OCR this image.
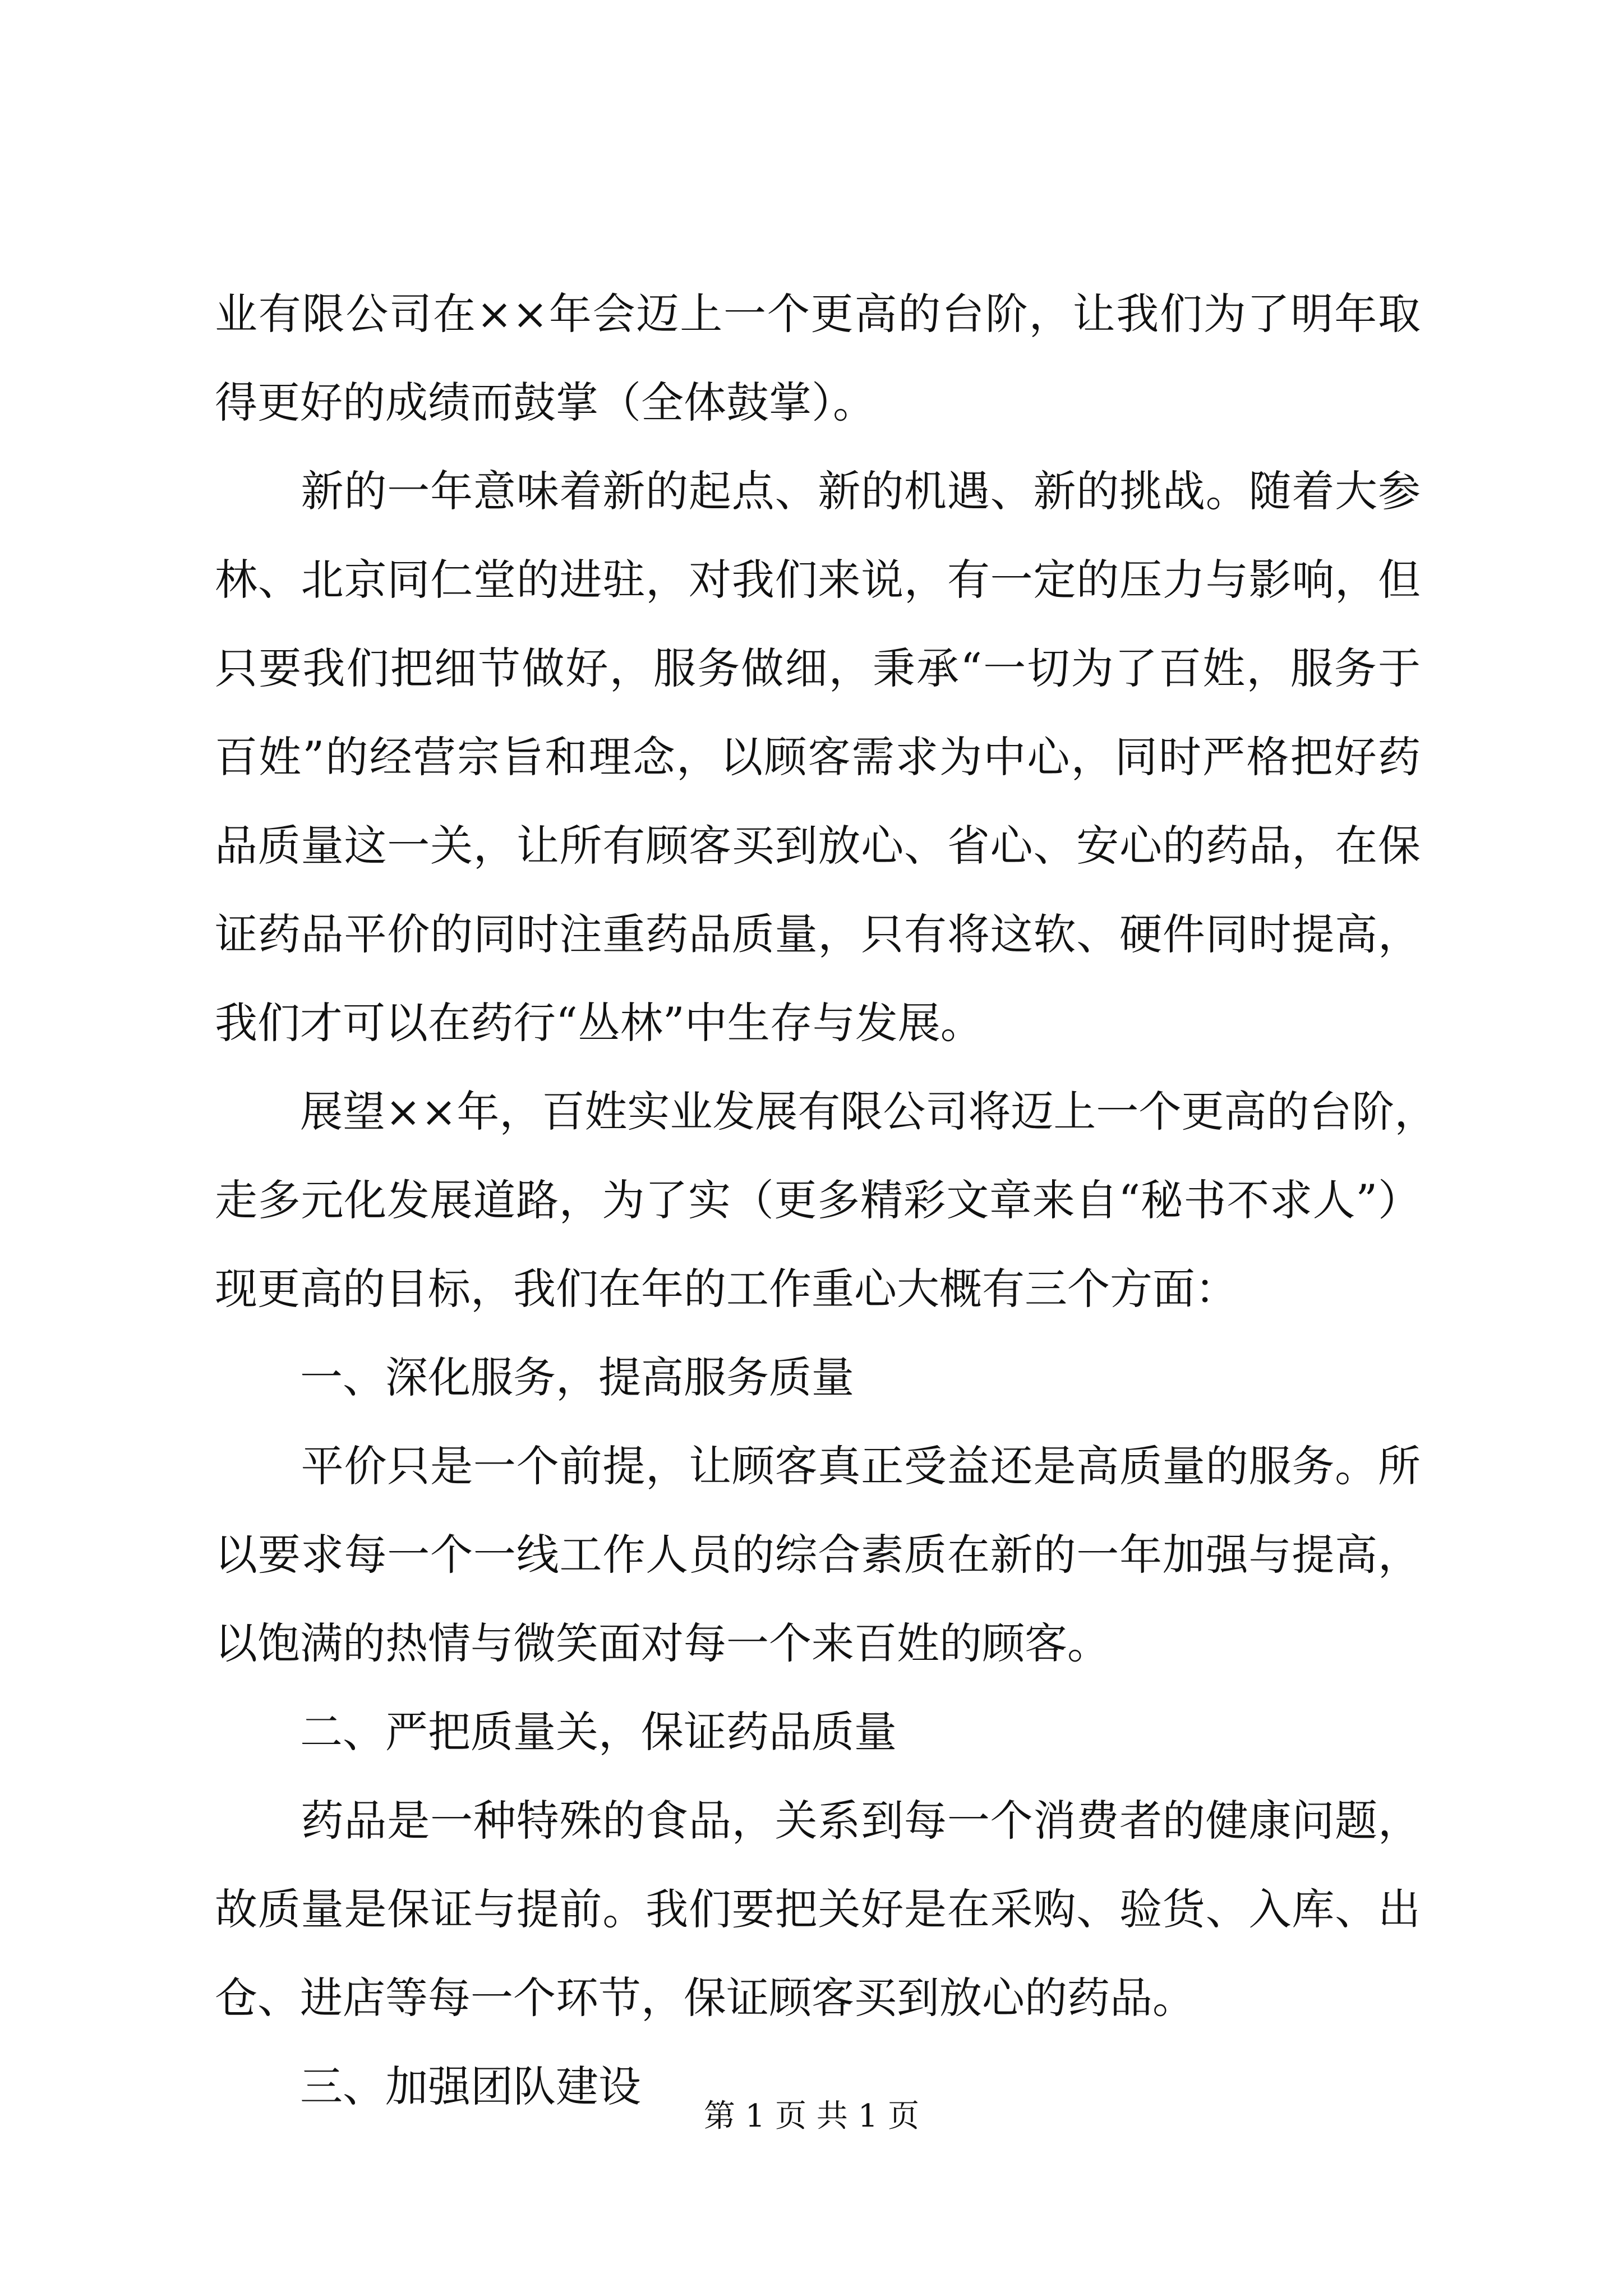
业有限公司在××年会迈上一个更高的台阶，让我们为了明年取
得更好的成绩而鼓掌（全体鼓掌）。
　　新的一年意味着新的起点、新的机遇、新的挑战。随着大参
林、北京同仁堂的进驻，对我们来说，有一定的压力与影响，但
只要我们把细节做好，服务做细，秉承“一切为了百姓，服务于
百姓”的经营宗旨和理念，以顾客需求为中心，同时严格把好药
品质量这一关，让所有顾客买到放心、省心、安心的药品，在保
证药品平价的同时注重药品质量，只有将这软、硬件同时提高，
我们才可以在药行“丛林”中生存与发展。
　　展望××年，百姓实业发展有限公司将迈上一个更高的台阶，
走多元化发展道路，为了实（更多精彩文章来自“秘书不求人”）
现更高的目标，我们在年的工作重心大概有三个方面：
　　一、深化服务，提高服务质量
　　平价只是一个前提，让顾客真正受益还是高质量的服务。所
以要求每一个一线工作人员的综合素质在新的一年加强与提高，
以饱满的热情与微笑面对每一个来百姓的顾客。
　　二、严把质量关，保证药品质量
　　药品是一种特殊的食品，关系到每一个消费者的健康问题，
故质量是保证与提前。我们要把关好是在采购、验货、入库、出
仓、进店等每一个环节，保证顾客买到放心的药品。
　　三、加强团队建设
第 1 页 共 1 页
